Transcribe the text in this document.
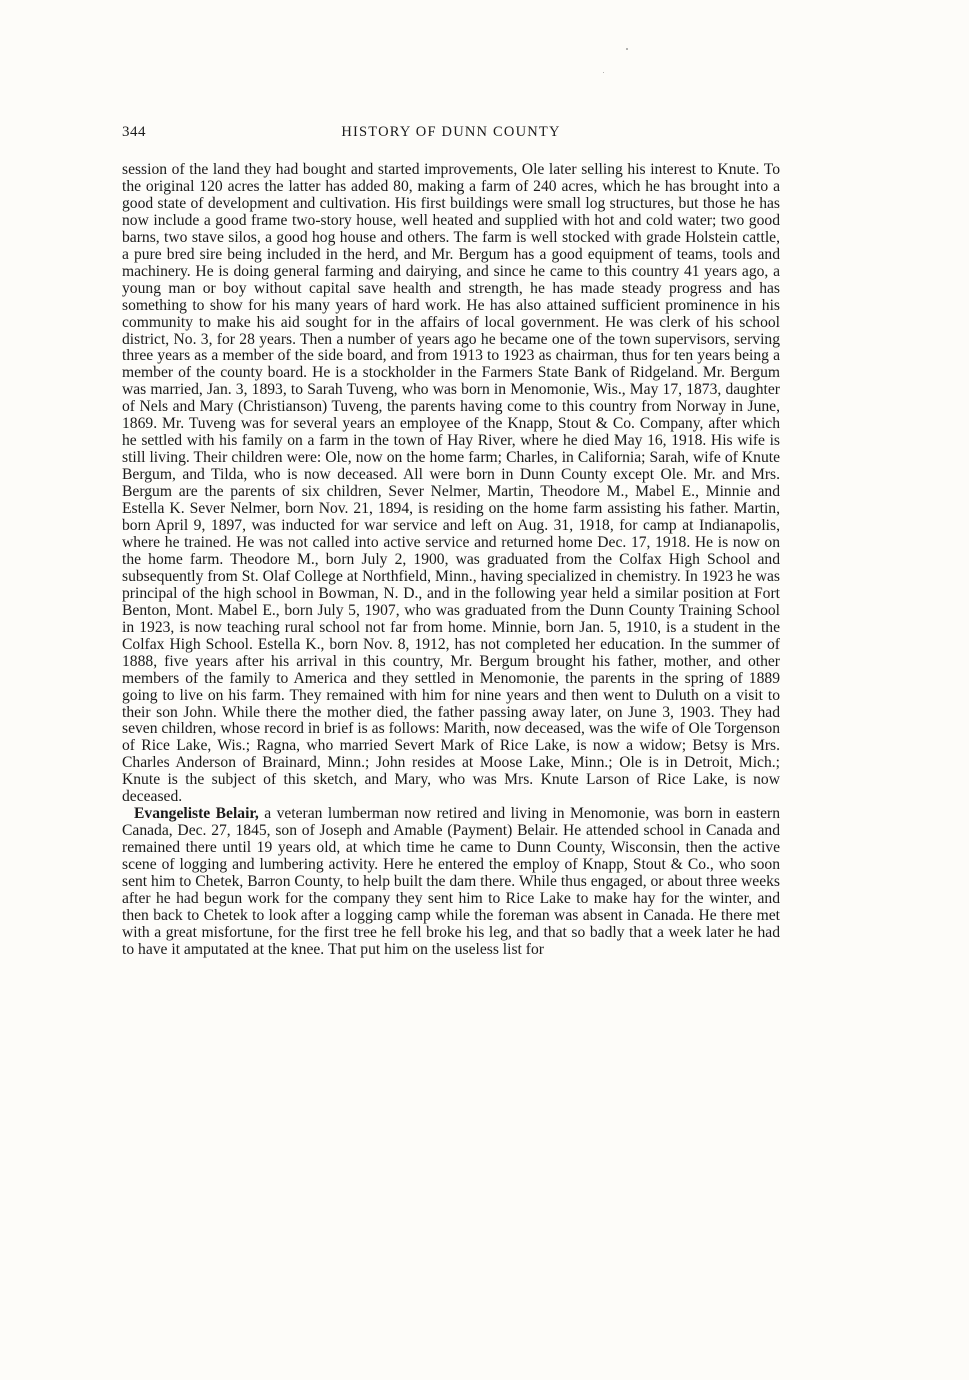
344	HISTORY OF DUNN COUNTY

session of the land they had bought and started improvements, Ole later selling his interest to Knute. To the original 120 acres the latter has added 80, making a farm of 240 acres, which he has brought into a good state of development and cultivation. His first buildings were small log structures, but those he has now include a good frame two-story house, well heated and supplied with hot and cold water; two good barns, two stave silos, a good hog house and others. The farm is well stocked with grade Holstein cattle, a pure bred sire being included in the herd, and Mr. Bergum has a good equipment of teams, tools and machinery. He is doing general farming and dairying, and since he came to this country 41 years ago, a young man or boy without capital save health and strength, he has made steady progress and has something to show for his many years of hard work. He has also attained sufficient prominence in his community to make his aid sought for in the affairs of local government. He was clerk of his school district, No. 3, for 28 years. Then a number of years ago he became one of the town supervisors, serving three years as a member of the side board, and from 1913 to 1923 as chairman, thus for ten years being a member of the county board. He is a stockholder in the Farmers State Bank of Ridgeland. Mr. Bergum was married, Jan. 3, 1893, to Sarah Tuveng, who was born in Menomonie, Wis., May 17, 1873, daughter of Nels and Mary (Christianson) Tuveng, the parents having come to this country from Norway in June, 1869. Mr. Tuveng was for several years an employee of the Knapp, Stout & Co. Company, after which he settled with his family on a farm in the town of Hay River, where he died May 16, 1918. His wife is still living. Their children were: Ole, now on the home farm; Charles, in California; Sarah, wife of Knute Bergum, and Tilda, who is now deceased. All were born in Dunn County except Ole. Mr. and Mrs. Bergum are the parents of six children, Sever Nelmer, Martin, Theodore M., Mabel E., Minnie and Estella K. Sever Nelmer, born Nov. 21, 1894, is residing on the home farm assisting his father. Martin, born April 9, 1897, was inducted for war service and left on Aug. 31, 1918, for camp at Indianapolis, where he trained. He was not called into active service and returned home Dec. 17, 1918. He is now on the home farm. Theodore M., born July 2, 1900, was graduated from the Colfax High School and subsequently from St. Olaf College at Northfield, Minn., having specialized in chemistry. In 1923 he was principal of the high school in Bowman, N. D., and in the following year held a similar position at Fort Benton, Mont. Mabel E., born July 5, 1907, who was graduated from the Dunn County Training School in 1923, is now teaching rural school not far from home. Minnie, born Jan. 5, 1910, is a student in the Colfax High School. Estella K., born Nov. 8, 1912, has not completed her education. In the summer of 1888, five years after his arrival in this country, Mr. Bergum brought his father, mother, and other members of the family to America and they settled in Menomonie, the parents in the spring of 1889 going to live on his farm. They remained with him for nine years and then went to Duluth on a visit to their son John. While there the mother died, the father passing away later, on June 3, 1903. They had seven children, whose record in brief is as follows: Marith, now deceased, was the wife of Ole Torgenson of Rice Lake, Wis.; Ragna, who married Severt Mark of Rice Lake, is now a widow; Betsy is Mrs. Charles Anderson of Brainard, Minn.; John resides at Moose Lake, Minn.; Ole is in Detroit, Mich.; Knute is the subject of this sketch, and Mary, who was Mrs. Knute Larson of Rice Lake, is now deceased.

Evangeliste Belair, a veteran lumberman now retired and living in Menomonie, was born in eastern Canada, Dec. 27, 1845, son of Joseph and Amable (Payment) Belair. He attended school in Canada and remained there until 19 years old, at which time he came to Dunn County, Wisconsin, then the active scene of logging and lumbering activity. Here he entered the employ of Knapp, Stout & Co., who soon sent him to Chetek, Barron County, to help built the dam there. While thus engaged, or about three weeks after he had begun work for the company they sent him to Rice Lake to make hay for the winter, and then back to Chetek to look after a logging camp while the foreman was absent in Canada. He there met with a great misfortune, for the first tree he fell broke his leg, and that so badly that a week later he had to have it amputated at the knee. That put him on the useless list for
